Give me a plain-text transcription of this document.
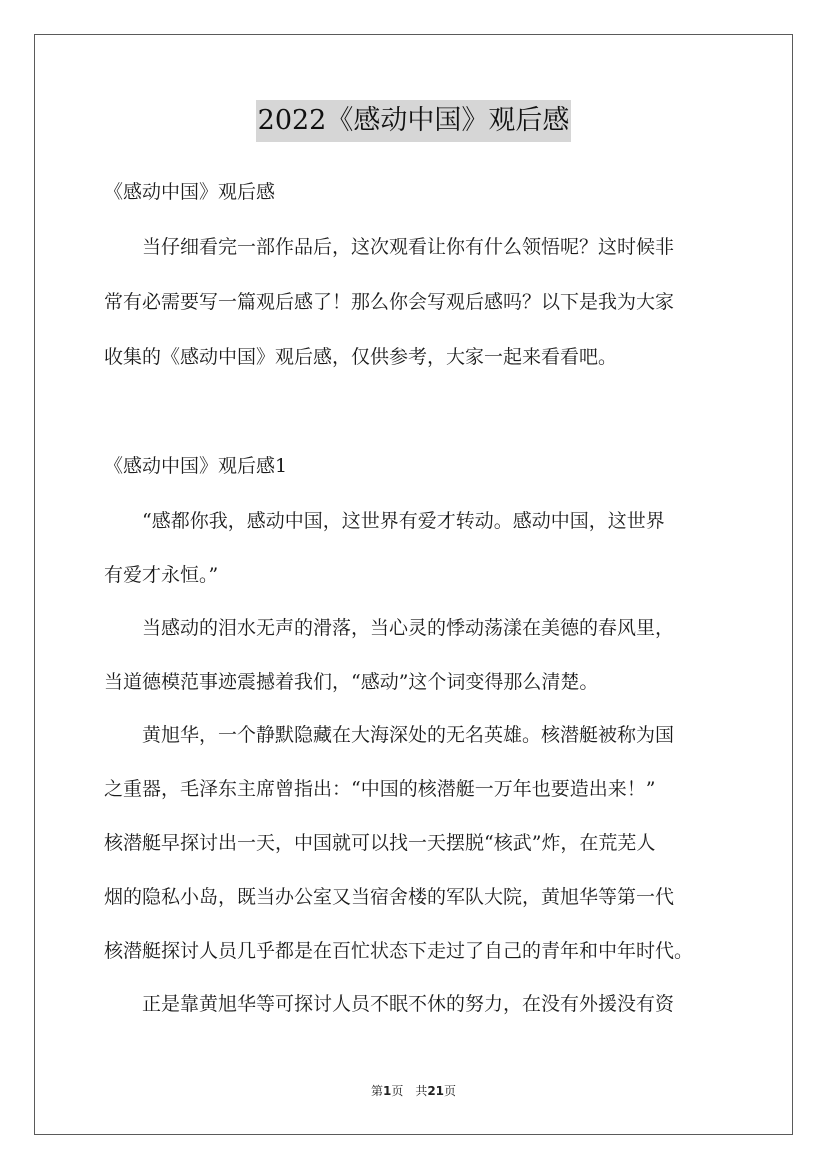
2022《感动中国》观后感

《感动中国》观后感

　　当仔细看完一部作品后，这次观看让你有什么领悟呢？这时候非

常有必需要写一篇观后感了！那么你会写观后感吗？以下是我为大家

收集的《感动中国》观后感，仅供参考，大家一起来看看吧。

《感动中国》观后感1

　　“感都你我，感动中国，这世界有爱才转动。感动中国，这世界

有爱才永恒。”

　　当感动的泪水无声的滑落，当心灵的悸动荡漾在美德的春风里，

当道德模范事迹震撼着我们，“感动”这个词变得那么清楚。

　　黄旭华，一个静默隐藏在大海深处的无名英雄。核潜艇被称为国

之重器，毛泽东主席曾指出：“中国的核潜艇一万年也要造出来！”

核潜艇早探讨出一天，中国就可以找一天摆脱“核武”炸，在荒芜人

烟的隐私小岛，既当办公室又当宿舍楼的军队大院，黄旭华等第一代

核潜艇探讨人员几乎都是在百忙状态下走过了自己的青年和中年时代。

　　正是靠黄旭华等可探讨人员不眠不休的努力，在没有外援没有资

第1页　共21页
